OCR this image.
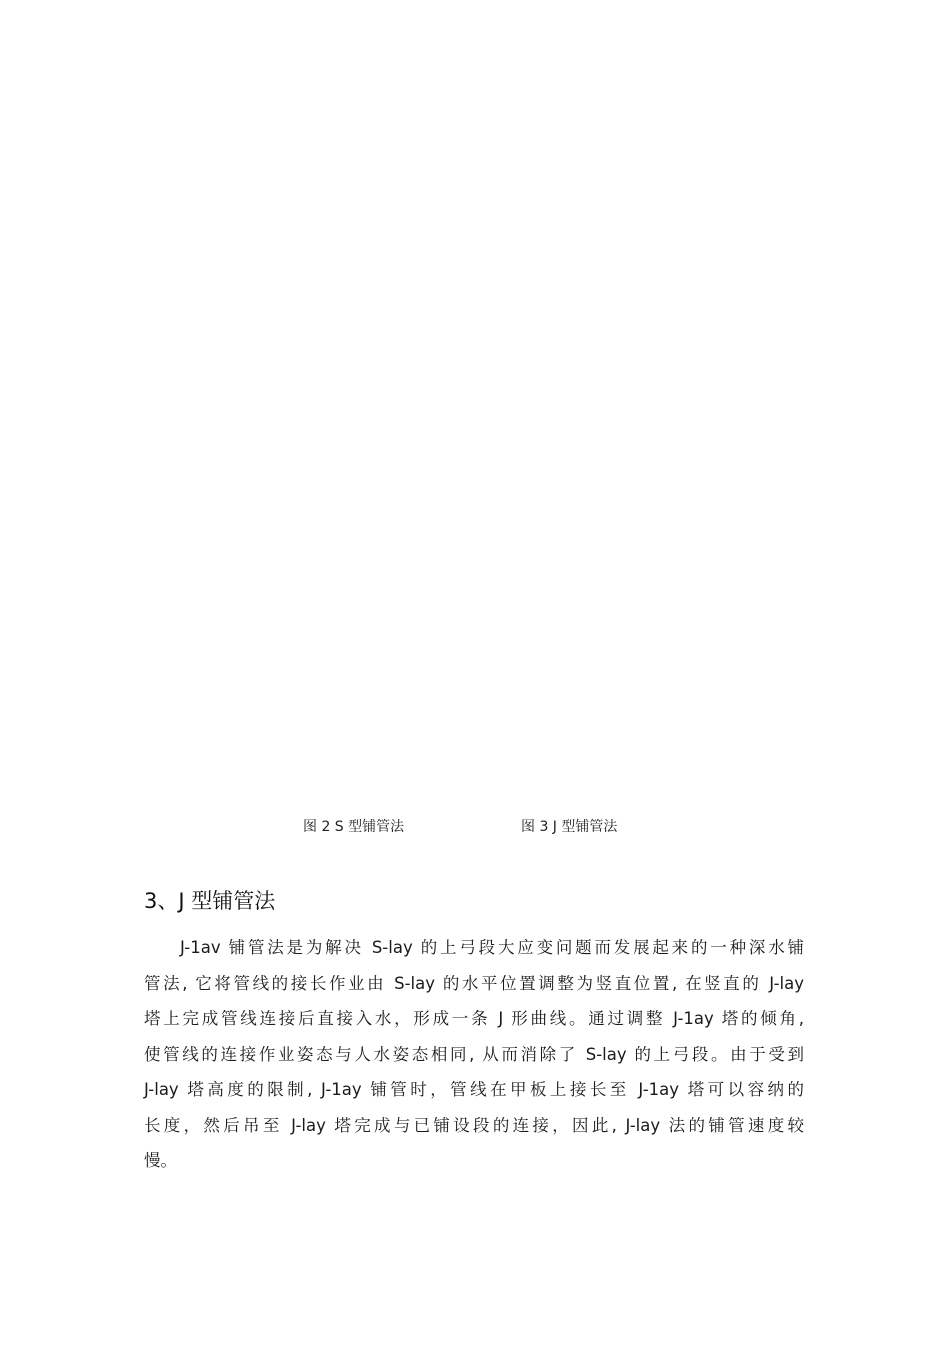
图 2 S 型铺管法	图 3 J 型铺管法
3、J 型铺管法
J-1av 铺管法是为解决 S-lay 的上弓段大应变问题而发展起来的一种深水铺
管法, 它将管线的接长作业由 S-lay 的水平位置调整为竖直位置, 在竖直的 J-lay
塔上完成管线连接后直接入水，形成一条 J 形曲线。通过调整 J-1ay 塔的倾角,
使管线的连接作业姿态与人水姿态相同, 从而消除了 S-lay 的上弓段。由于受到
J-lay 塔高度的限制, J-1ay 铺管时，管线在甲板上接长至 J-1ay 塔可以容纳的
长度，然后吊至 J-lay 塔完成与已铺设段的连接，因此, J-lay 法的铺管速度较
慢。
